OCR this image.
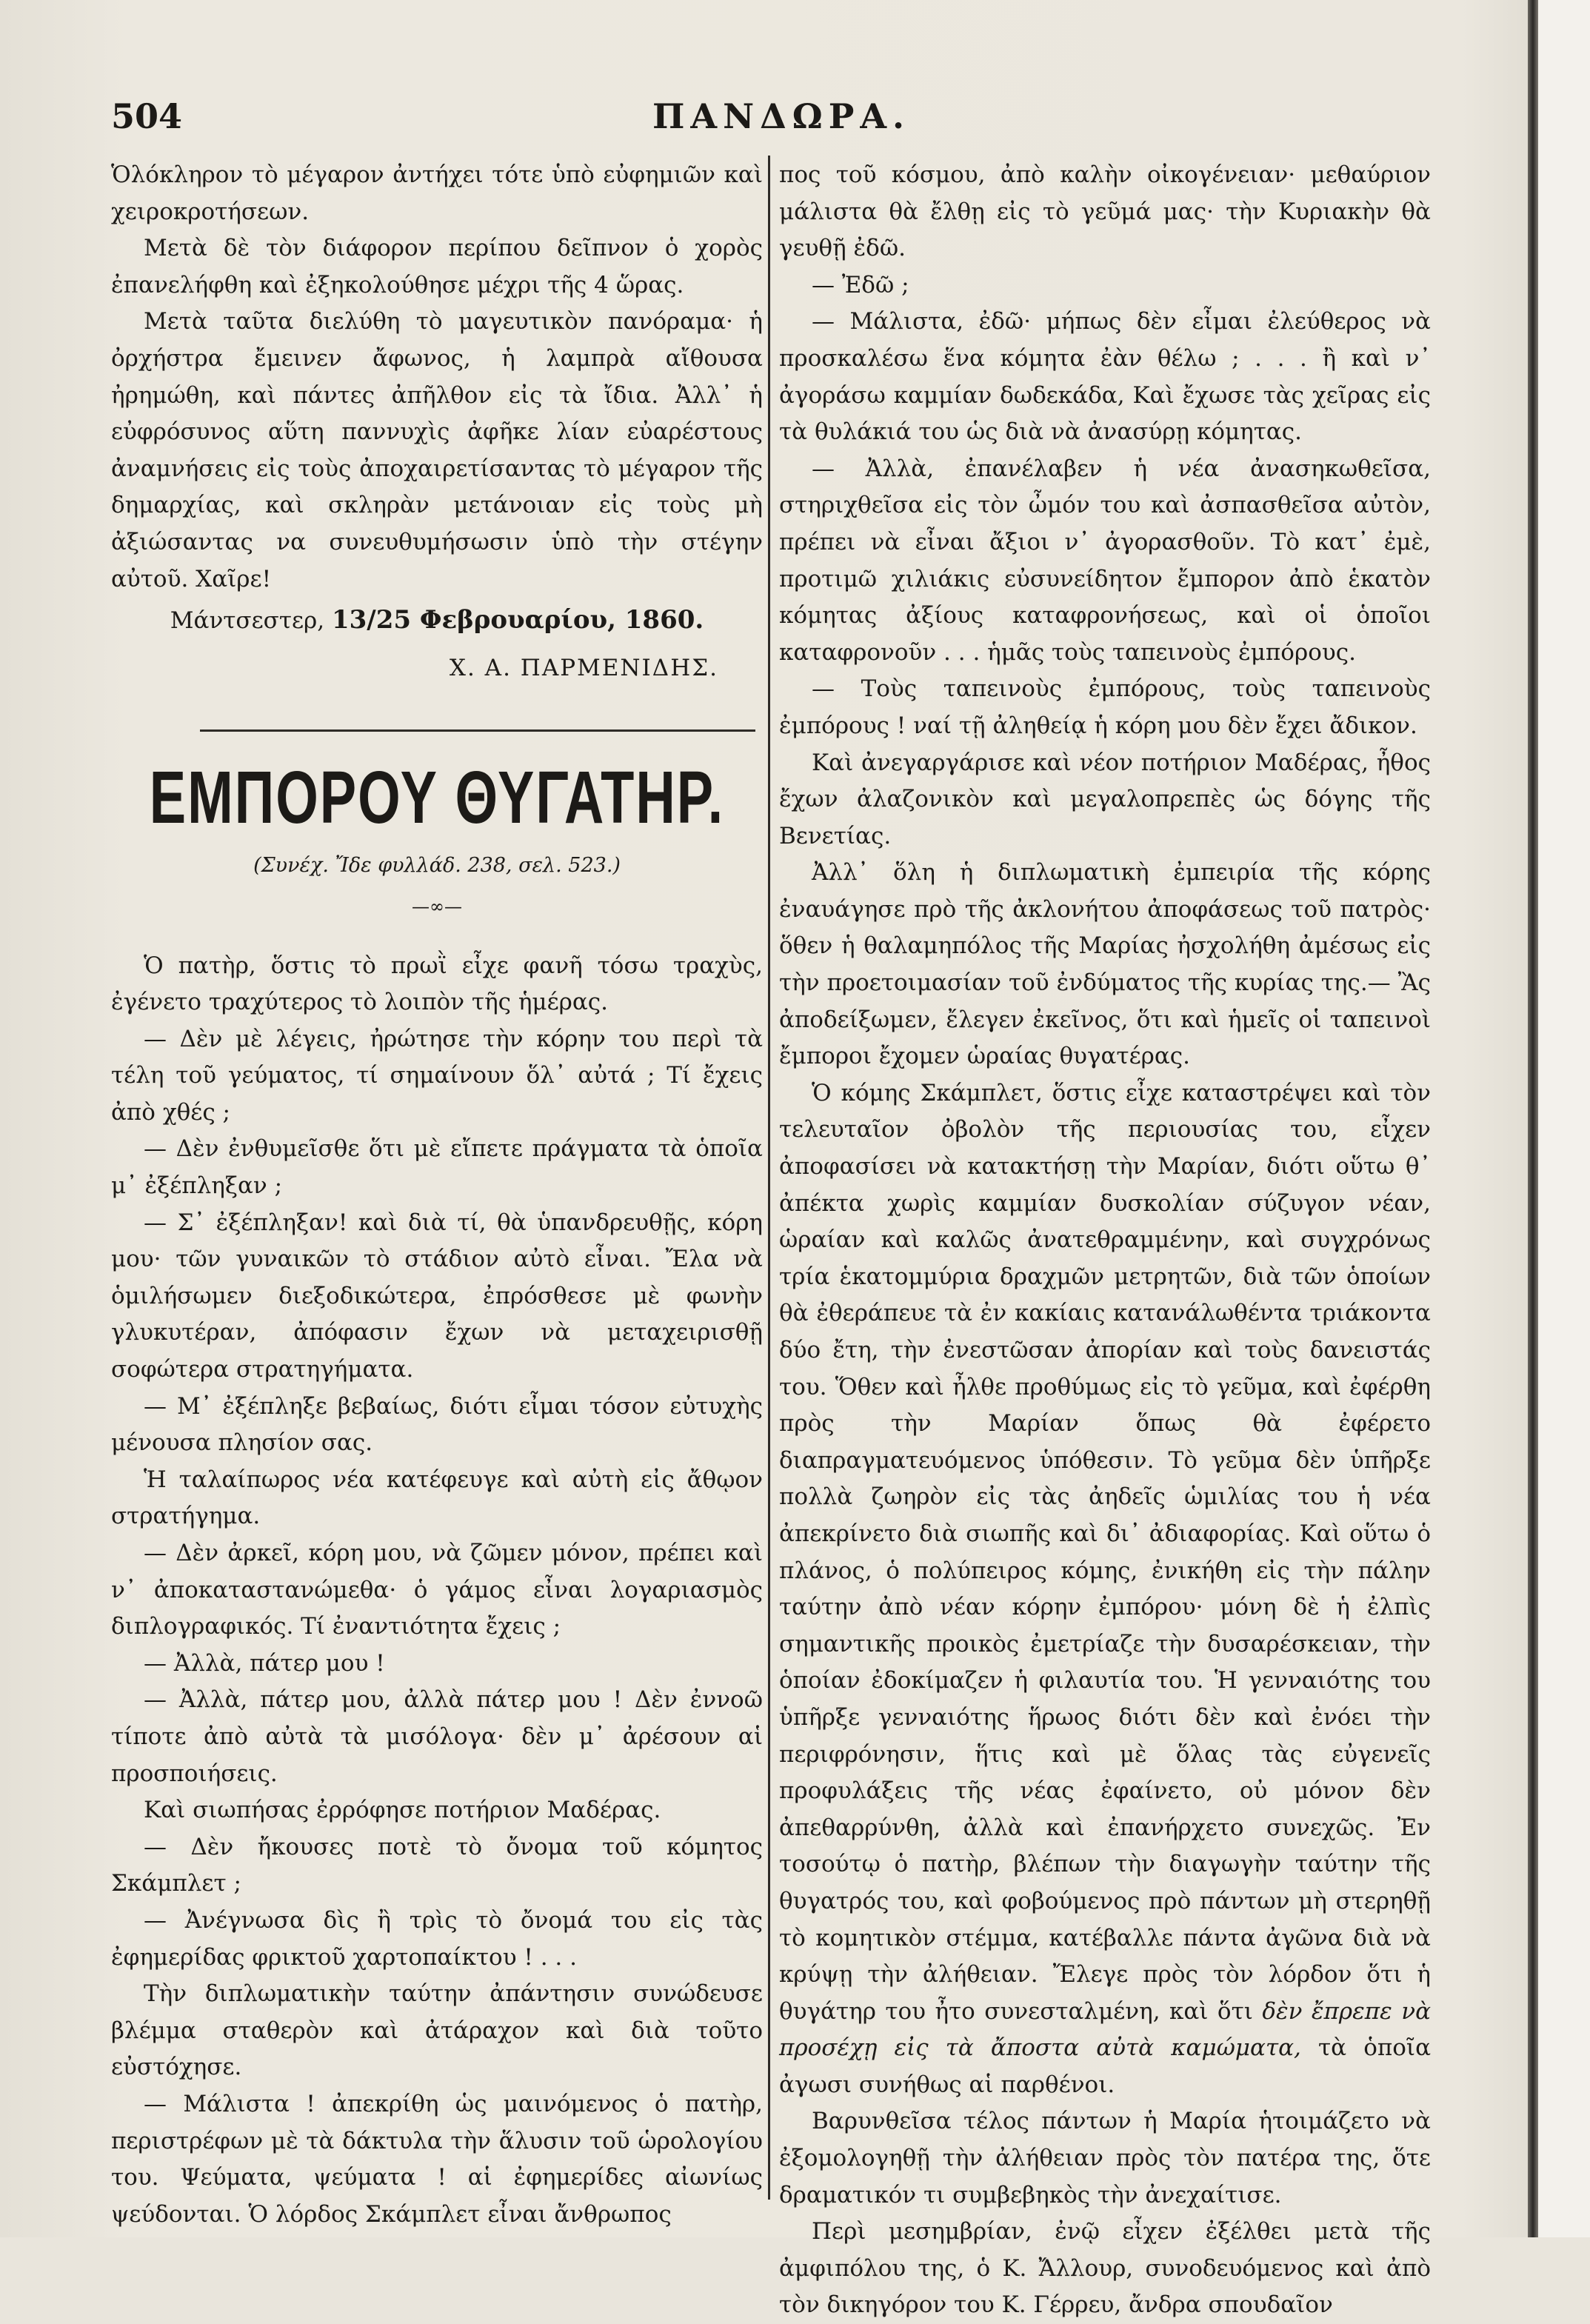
504	ΠΑΝΔΩΡΑ.

Ὁλόκληρον τὸ μέγαρον ἀντήχει τότε ὑπὸ εὐφημιῶν καὶ χειροκροτήσεων.

Μετὰ δὲ τὸν διάφορον περίπου δεῖπνον ὁ χορὸς ἐπανελήφθη καὶ ἐξηκολούθησε μέχρι τῆς 4 ὥρας.

Μετὰ ταῦτα διελύθη τὸ μαγευτικὸν πανόραμα· ἡ ὀρχήστρα ἔμεινεν ἄφωνος, ἡ λαμπρὰ αἴθουσα ἠρημώθη, καὶ πάντες ἀπῆλθον εἰς τὰ ἴδια. Ἀλλ᾽ ἡ εὐφρόσυνος αὕτη παννυχὶς ἀφῆκε λίαν εὐαρέστους ἀναμνήσεις εἰς τοὺς ἀποχαιρετίσαντας τὸ μέγαρον τῆς δημαρχίας, καὶ σκληρὰν μετάνοιαν εἰς τοὺς μὴ ἀξιώσαντας να συνευθυμήσωσιν ὑπὸ τὴν στέγην αὐτοῦ. Χαῖρε!

Μάντσεστερ, 13/25 Φεβρουαρίου, 1860.
Χ. Α. ΠΑΡΜΕΝΙΔΗΣ.
ΕΜΠΟΡΟΥ ΘΥΓΑΤΗΡ.
(Συνέχ. Ἴδε φυλλάδ. 238, σελ. 523.)
—∞—

Ὁ πατὴρ, ὅστις τὸ πρωῒ εἶχε φανῆ τόσω τραχὺς, ἐγένετο τραχύτερος τὸ λοιπὸν τῆς ἡμέρας.

— Δὲν μὲ λέγεις, ἠρώτησε τὴν κόρην του περὶ τὰ τέλη τοῦ γεύματος, τί σημαίνουν ὅλ᾽ αὐτά ; Τί ἔχεις ἀπὸ χθές ;

— Δὲν ἐνθυμεῖσθε ὅτι μὲ εἴπετε πράγματα τὰ ὁποῖα μ᾽ ἐξέπληξαν ;

— Σ᾽ ἐξέπληξαν! καὶ διὰ τί, θὰ ὑπανδρευθῇς, κόρη μου· τῶν γυναικῶν τὸ στάδιον αὐτὸ εἶναι. Ἔλα νὰ ὁμιλήσωμεν διεξοδικώτερα, ἐπρόσθεσε μὲ φωνὴν γλυκυτέραν, ἀπόφασιν ἔχων νὰ μεταχειρισθῇ σοφώτερα στρατηγήματα.

— Μ᾽ ἐξέπληξε βεβαίως, διότι εἶμαι τόσον εὐτυχὴς μένουσα πλησίον σας.

Ἡ ταλαίπωρος νέα κατέφευγε καὶ αὐτὴ εἰς ἄθῳον στρατήγημα.

— Δὲν ἀρκεῖ, κόρη μου, νὰ ζῶμεν μόνον, πρέπει καὶ ν᾽ ἀποκαταστανώμεθα· ὁ γάμος εἶναι λογαριασμὸς διπλογραφικός. Τί ἐναντιότητα ἔχεις ;

— Ἀλλὰ, πάτερ μου !

— Ἀλλὰ, πάτερ μου, ἀλλὰ πάτερ μου ! Δὲν ἐννοῶ τίποτε ἀπὸ αὐτὰ τὰ μισόλογα· δὲν μ᾽ ἀρέσουν αἱ προσποιήσεις.

Καὶ σιωπήσας ἐρρόφησε ποτήριον Μαδέρας.

— Δὲν ἤκουσες ποτὲ τὸ ὄνομα τοῦ κόμητος Σκάμπλετ ;

— Ἀνέγνωσα δὶς ἢ τρὶς τὸ ὄνομά του εἰς τὰς ἐφημερίδας φρικτοῦ χαρτοπαίκτου ! . . .

Τὴν διπλωματικὴν ταύτην ἀπάντησιν συνώδευσε βλέμμα σταθερὸν καὶ ἀτάραχον καὶ διὰ τοῦτο εὐστόχησε.

— Μάλιστα ! ἀπεκρίθη ὡς μαινόμενος ὁ πατὴρ, περιστρέφων μὲ τὰ δάκτυλα τὴν ἅλυσιν τοῦ ὡρολογίου του. Ψεύματα, ψεύματα ! αἱ ἐφημερίδες αἰωνίως ψεύδονται. Ὁ λόρδος Σκάμπλετ εἶναι ἄνθρωπος

πος τοῦ κόσμου, ἀπὸ καλὴν οἰκογένειαν· μεθαύριον μάλιστα θὰ ἔλθῃ εἰς τὸ γεῦμά μας· τὴν Κυριακὴν θὰ γευθῇ ἐδῶ.

— Ἐδῶ ;

— Μάλιστα, ἐδῶ· μήπως δὲν εἶμαι ἐλεύθερος νὰ προσκαλέσω ἕνα κόμητα ἐὰν θέλω ; . . . ἢ καὶ ν᾽ ἀγοράσω καμμίαν δωδεκάδα, Καὶ ἔχωσε τὰς χεῖρας εἰς τὰ θυλάκιά του ὡς διὰ νὰ ἀνασύρῃ κόμητας.

— Ἀλλὰ, ἐπανέλαβεν ἡ νέα ἀνασηκωθεῖσα, στηριχθεῖσα εἰς τὸν ὦμόν του καὶ ἀσπασθεῖσα αὐτὸν, πρέπει νὰ εἶναι ἄξιοι ν᾽ ἀγορασθοῦν. Τὸ κατ᾽ ἐμὲ, προτιμῶ χιλιάκις εὐσυνείδητον ἔμπορον ἀπὸ ἑκατὸν κόμητας ἀξίους καταφρονήσεως, καὶ οἱ ὁποῖοι καταφρονοῦν . . . ἡμᾶς τοὺς ταπεινοὺς ἐμπόρους.

— Τοὺς ταπεινοὺς ἐμπόρους, τοὺς ταπεινοὺς ἐμπόρους ! ναί τῇ ἀληθείᾳ ἡ κόρη μου δὲν ἔχει ἄδικον.

Καὶ ἀνεγαργάρισε καὶ νέον ποτήριον Μαδέρας, ἦθος ἔχων ἀλαζονικὸν καὶ μεγαλοπρεπὲς ὡς δόγης τῆς Βενετίας.

Ἀλλ᾽ ὅλη ἡ διπλωματικὴ ἐμπειρία τῆς κόρης ἐναυάγησε πρὸ τῆς ἀκλονήτου ἀποφάσεως τοῦ πατρὸς· ὅθεν ἡ θαλαμηπόλος τῆς Μαρίας ἠσχολήθη ἀμέσως εἰς τὴν προετοιμασίαν τοῦ ἐνδύματος τῆς κυρίας της.— Ἂς ἀποδείξωμεν, ἔλεγεν ἐκεῖνος, ὅτι καὶ ἡμεῖς οἱ ταπεινοὶ ἔμποροι ἔχομεν ὡραίας θυγατέρας.

Ὁ κόμης Σκάμπλετ, ὅστις εἶχε καταστρέψει καὶ τὸν τελευταῖον ὀβολὸν τῆς περιουσίας του, εἶχεν ἀποφασίσει νὰ κατακτήσῃ τὴν Μαρίαν, διότι οὕτω θ᾽ ἀπέκτα χωρὶς καμμίαν δυσκολίαν σύζυγον νέαν, ὡραίαν καὶ καλῶς ἀνατεθραμμένην, καὶ συγχρόνως τρία ἑκατομμύρια δραχμῶν μετρητῶν, διὰ τῶν ὁποίων θὰ ἐθεράπευε τὰ ἐν κακίαις κατανάλωθέντα τριάκοντα δύο ἔτη, τὴν ἐνεστῶσαν ἀπορίαν καὶ τοὺς δανειστάς του. Ὅθεν καὶ ἦλθε προθύμως εἰς τὸ γεῦμα, καὶ ἐφέρθη πρὸς τὴν Μαρίαν ὅπως θὰ ἐφέρετο διαπραγματευόμενος ὑπόθεσιν. Τὸ γεῦμα δὲν ὑπῆρξε πολλὰ ζωηρὸν εἰς τὰς ἀηδεῖς ὡμιλίας του ἡ νέα ἀπεκρίνετο διὰ σιωπῆς καὶ δι᾽ ἀδιαφορίας. Καὶ οὕτω ὁ πλάνος, ὁ πολύπειρος κόμης, ἐνικήθη εἰς τὴν πάλην ταύτην ἀπὸ νέαν κόρην ἐμπόρου· μόνη δὲ ἡ ἐλπὶς σημαντικῆς προικὸς ἐμετρίαζε τὴν δυσαρέσκειαν, τὴν ὁποίαν ἐδοκίμαζεν ἡ φιλαυτία του. Ἡ γενναιότης του ὑπῆρξε γενναιότης ἥρωος διότι δὲν καὶ ἐνόει τὴν περιφρόνησιν, ἥτις καὶ μὲ ὅλας τὰς εὐγενεῖς προφυλάξεις τῆς νέας ἐφαίνετο, οὐ μόνον δὲν ἀπεθαρρύνθη, ἀλλὰ καὶ ἐπανήρχετο συνεχῶς. Ἐν τοσούτῳ ὁ πατὴρ, βλέπων τὴν διαγωγὴν ταύτην τῆς θυγατρός του, καὶ φοβούμενος πρὸ πάντων μὴ στερηθῇ τὸ κομητικὸν στέμμα, κατέβαλλε πάντα ἀγῶνα διὰ νὰ κρύψῃ τὴν ἀλήθειαν. Ἔλεγε πρὸς τὸν λόρδον ὅτι ἡ θυγάτηρ του ἦτο συνεσταλμένη, καὶ ὅτι δὲν ἔπρεπε νὰ προσέχῃ εἰς τὰ ἄποστα αὐτὰ καμώματα, τὰ ὁποῖα ἀγωσι συνήθως αἱ παρθένοι.

Βαρυνθεῖσα τέλος πάντων ἡ Μαρία ἡτοιμάζετο νὰ ἐξομολογηθῇ τὴν ἀλήθειαν πρὸς τὸν πατέρα της, ὅτε δραματικόν τι συμβεβηκὸς τὴν ἀνεχαίτισε.

Περὶ μεσημβρίαν, ἐνῷ εἶχεν ἐξέλθει μετὰ τῆς ἀμφιπόλου της, ὁ Κ. Ἄλλουρ, συνοδευόμενος καὶ ἀπὸ τὸν δικηγόρον του Κ. Γέρρευ, ἄνδρα σπουδαῖον
